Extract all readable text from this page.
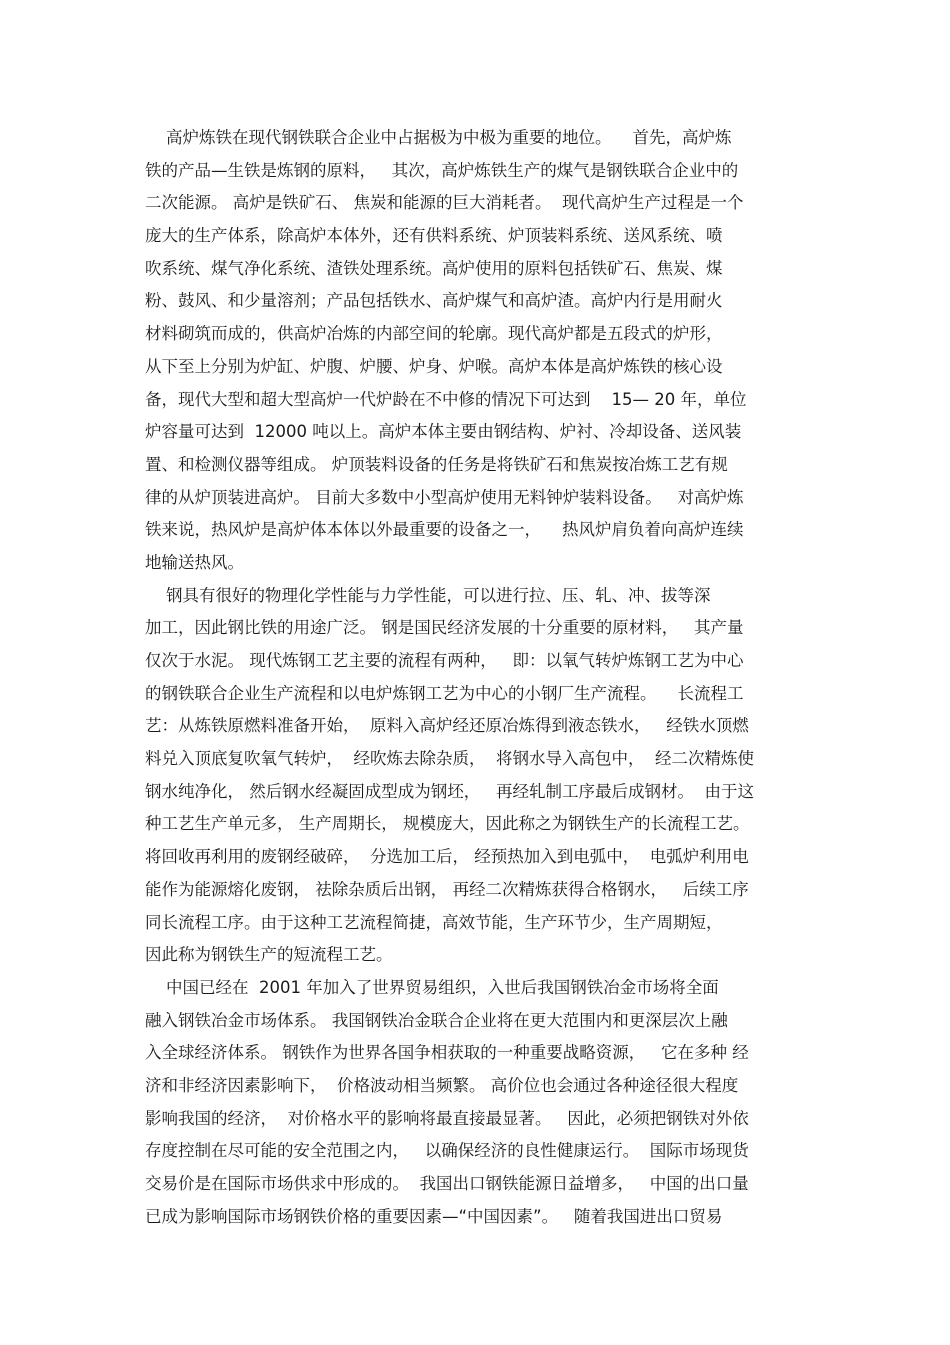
高炉炼铁在现代钢铁联合企业中占据极为中极为重要的地位。    首先，高炉炼
铁的产品—生铁是炼钢的原料，   其次，高炉炼铁生产的煤气是钢铁联合企业中的
二次能源。 高炉是铁矿石、 焦炭和能源的巨大消耗者。  现代高炉生产过程是一个
庞大的生产体系，除高炉本体外，还有供料系统、炉顶装料系统、送风系统、喷
吹系统、煤气净化系统、渣铁处理系统。高炉使用的原料包括铁矿石、焦炭、煤
粉、鼓风、和少量溶剂；产品包括铁水、高炉煤气和高炉渣。高炉内行是用耐火
材料砌筑而成的，供高炉冶炼的内部空间的轮廓。现代高炉都是五段式的炉形，
从下至上分别为炉缸、炉腹、炉腰、炉身、炉喉。高炉本体是高炉炼铁的核心设
备，现代大型和超大型高炉一代炉龄在不中修的情况下可达到    15— 20 年，单位
炉容量可达到  12000 吨以上。高炉本体主要由钢结构、炉衬、冷却设备、送风装
置、和检测仪器等组成。 炉顶装料设备的任务是将铁矿石和焦炭按冶炼工艺有规
律的从炉顶装进高炉。 目前大多数中小型高炉使用无料钟炉装料设备。   对高炉炼
铁来说，热风炉是高炉体本体以外最重要的设备之一，    热风炉肩负着向高炉连续
地输送热风。
钢具有很好的物理化学性能与力学性能，可以进行拉、压、轧、冲、拔等深
加工，因此钢比铁的用途广泛。 钢是国民经济发展的十分重要的原材料，   其产量
仅次于水泥。 现代炼钢工艺主要的流程有两种，   即：以氧气转炉炼钢工艺为中心
的钢铁联合企业生产流程和以电炉炼钢工艺为中心的小钢厂生产流程。    长流程工
艺：从炼铁原燃料准备开始，  原料入高炉经还原冶炼得到液态铁水，   经铁水顶燃
料兑入顶底复吹氧气转炉，  经吹炼去除杂质，  将钢水导入高包中，  经二次精炼使
钢水纯净化， 然后钢水经凝固成型成为钢坯，   再经轧制工序最后成钢材。  由于这
种工艺生产单元多， 生产周期长， 规模庞大，因此称之为钢铁生产的长流程工艺。
将回收再利用的废钢经破碎，  分选加工后， 经预热加入到电弧中，  电弧炉利用电
能作为能源熔化废钢， 祛除杂质后出钢， 再经二次精炼获得合格钢水，   后续工序
同长流程工序。由于这种工艺流程简捷，高效节能，生产环节少，生产周期短，
因此称为钢铁生产的短流程工艺。
中国已经在  2001 年加入了世界贸易组织，入世后我国钢铁冶金市场将全面
融入钢铁冶金市场体系。 我国钢铁冶金联合企业将在更大范围内和更深层次上融
入全球经济体系。 钢铁作为世界各国争相获取的一种重要战略资源，   它在多种 经
济和非经济因素影响下，  价格波动相当频繁。 高价位也会通过各种途径很大程度
影响我国的经济，  对价格水平的影响将最直接最显著。   因此，必须把钢铁对外依
存度控制在尽可能的安全范围之内，   以确保经济的良性健康运行。  国际市场现货
交易价是在国际市场供求中形成的。  我国出口钢铁能源日益增多，   中国的出口量
已成为影响国际市场钢铁价格的重要因素—“中国因素”。   随着我国进出口贸易
